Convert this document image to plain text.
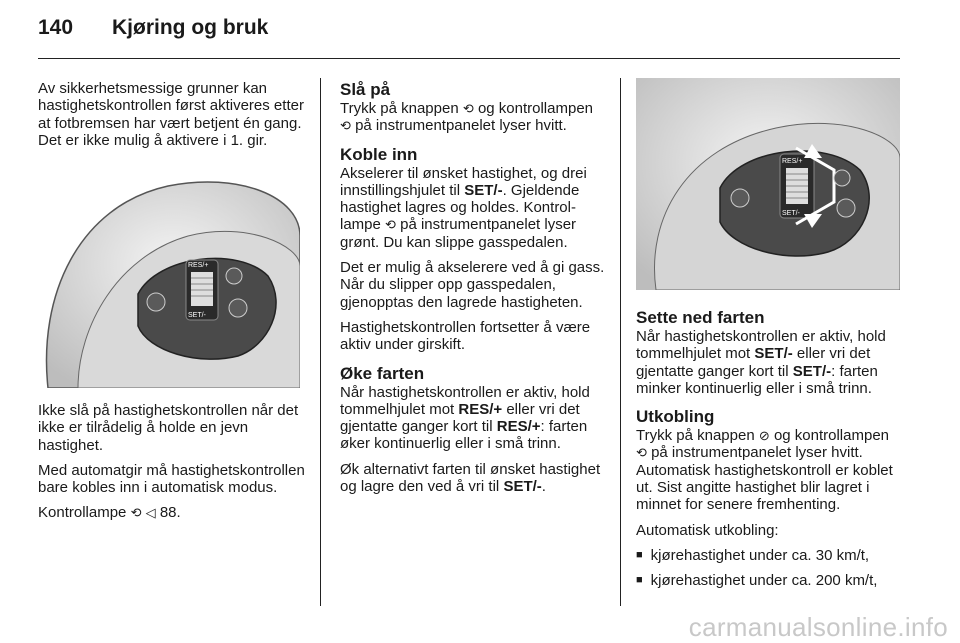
140 Kjøring og bruk

Av sikkerhetsmessige grunner kan hastighetskontrollen først aktiveres etter at fotbremsen har vært betjent én gang. Det er ikke mulig å aktivere i 1. gir.

RES/+
SET/-

Ikke slå på hastighetskontrollen når det ikke er tilrådelig å holde en jevn hastighet.

Med automatgir må hastighetskontrollen bare kobles inn i automatisk modus.

Kontrollampe ⟲ ◁ 88.

Slå på

Trykk på knappen ⟲ og kontrollampen ⟲ på instrumentpanelet lyser hvitt.

Koble inn

Akselerer til ønsket hastighet, og drei innstillingshjulet til SET/-. Gjeldende hastighet lagres og holdes. Kontrollampe ⟲ på instrumentpanelet lyser grønt. Du kan slippe gasspedalen.

Det er mulig å akselerere ved å gi gass. Når du slipper opp gasspedalen, gjenopptas den lagrede hastigheten.

Hastighetskontrollen fortsetter å være aktiv under girskift.

Øke farten

Når hastighetskontrollen er aktiv, hold tommelhjulet mot RES/+ eller vri det gjentatte ganger kort til RES/+: farten øker kontinuerlig eller i små trinn.

Øk alternativt farten til ønsket hastighet og lagre den ved å vri til SET/-.

RES/+
SET/-
Sette ned farten

Når hastighetskontrollen er aktiv, hold tommelhjulet mot SET/- eller vri det gjentatte ganger kort til SET/-: farten minker kontinuerlig eller i små trinn.

Utkobling

Trykk på knappen ⊘ og kontrollampen ⟲ på instrumentpanelet lyser hvitt. Automatisk hastighetskontroll er koblet ut. Sist angitte hastighet blir lagret i minnet for senere fremhenting.

Automatisk utkobling:

■ kjørehastighet under ca. 30 km/t,
■ kjørehastighet under ca. 200 km/t,
carmanualsonline.info
